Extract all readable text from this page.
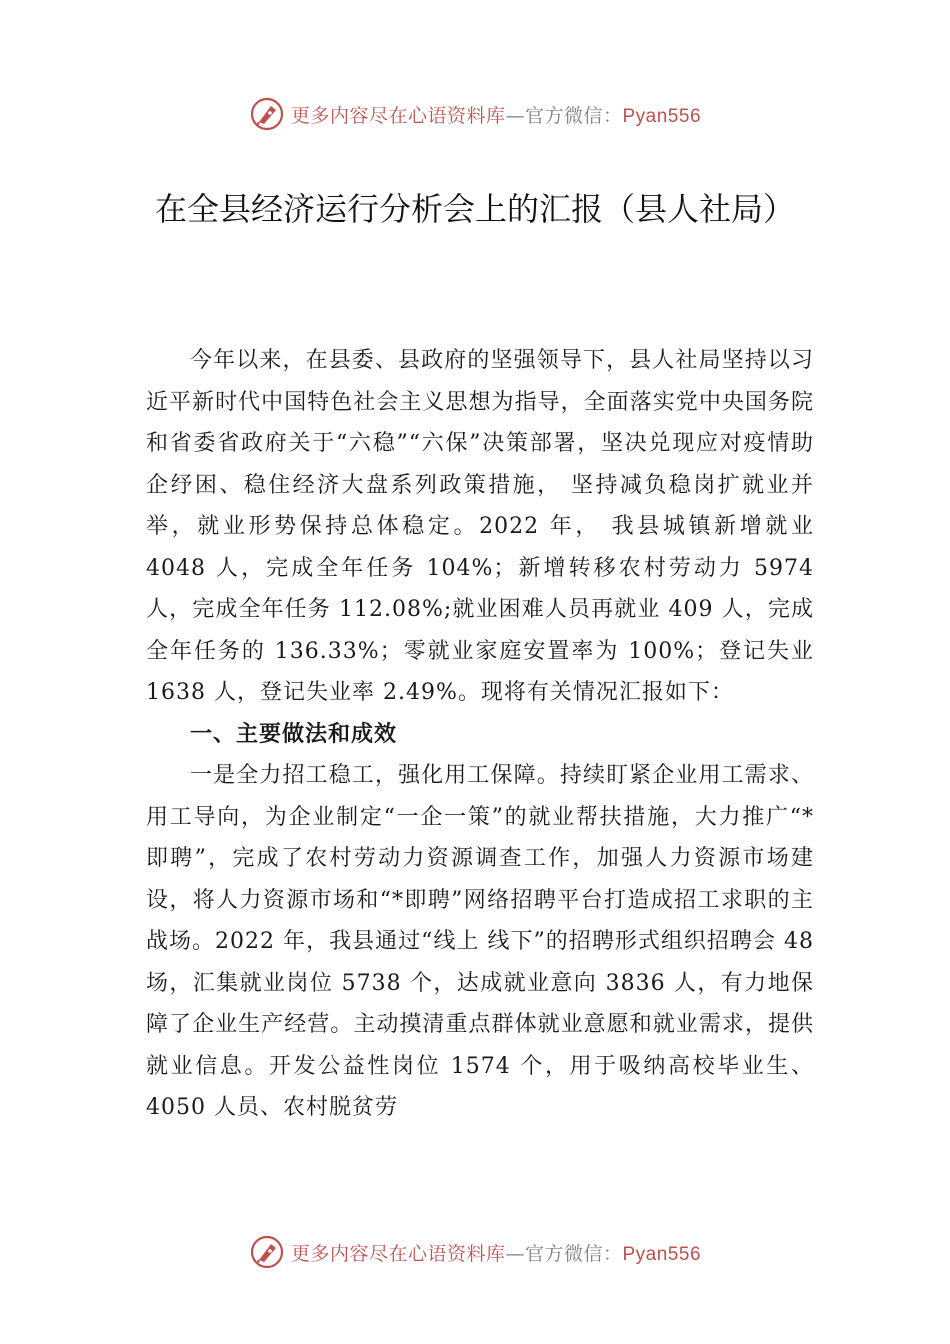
更多内容尽在心语资料库—官方微信：Pyan556
在全县经济运行分析会上的汇报（县人社局）

今年以来，在县委、县政府的坚强领导下，县人社局坚持以习近平新时代中国特色社会主义思想为指导，全面落实党中央国务院和省委省政府关于“六稳”“六保”决策部署，坚决兑现应对疫情助企纾困、稳住经济大盘系列政策措施， 坚持减负稳岗扩就业并举，就业形势保持总体稳定。2022 年， 我县城镇新增就业 4048 人，完成全年任务 104%；新增转移农村劳动力 5974 人，完成全年任务 112.08%;就业困难人员再就业 409 人，完成全年任务的 136.33%；零就业家庭安置率为 100%；登记失业 1638 人，登记失业率 2.49%。现将有关情况汇报如下：

一、主要做法和成效

一是全力招工稳工，强化用工保障。持续盯紧企业用工需求、用工导向，为企业制定“一企一策”的就业帮扶措施，大力推广“*即聘”，完成了农村劳动力资源调查工作，加强人力资源市场建设，将人力资源市场和“*即聘”网络招聘平台打造成招工求职的主战场。2022 年，我县通过“线上 线下”的招聘形式组织招聘会 48 场，汇集就业岗位 5738 个，达成就业意向 3836 人，有力地保障了企业生产经营。主动摸清重点群体就业意愿和就业需求，提供就业信息。开发公益性岗位 1574 个，用于吸纳高校毕业生、4050 人员、农村脱贫劳

更多内容尽在心语资料库—官方微信：Pyan556
